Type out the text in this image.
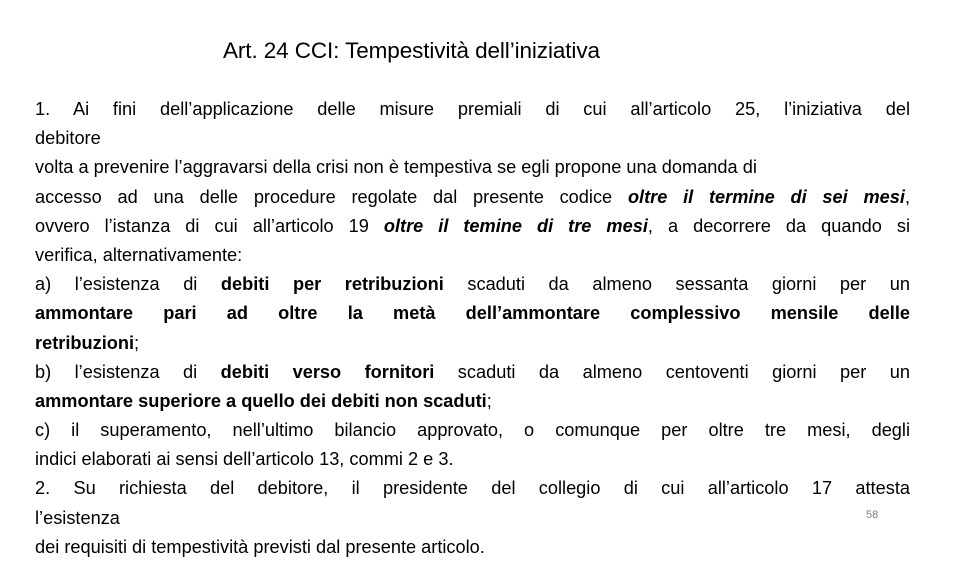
Art. 24 CCI: Tempestività dell’iniziativa
1. Ai fini dell’applicazione delle misure premiali di cui all’articolo 25, l’iniziativa del
debitore
volta a prevenire l’aggravarsi della crisi non è tempestiva se egli propone una domanda di
accesso ad una delle procedure regolate dal presente codice oltre il termine di sei mesi,
ovvero l’istanza di cui all’articolo 19 oltre il temine di tre mesi, a decorrere da quando si
verifica, alternativamente:
a) l’esistenza di debiti per retribuzioni scaduti da almeno sessanta giorni per un
ammontare pari ad oltre la metà dell’ammontare complessivo mensile delle
retribuzioni;
b) l’esistenza di debiti verso fornitori scaduti da almeno centoventi giorni per un
ammontare superiore a quello dei debiti non scaduti;
c) il superamento, nell’ultimo bilancio approvato, o comunque per oltre tre mesi, degli
indici elaborati ai sensi dell’articolo 13, commi 2 e 3.
2. Su richiesta del debitore, il presidente del collegio di cui all’articolo 17 attesta
l’esistenza
dei requisiti di tempestività previsti dal presente articolo.
58
